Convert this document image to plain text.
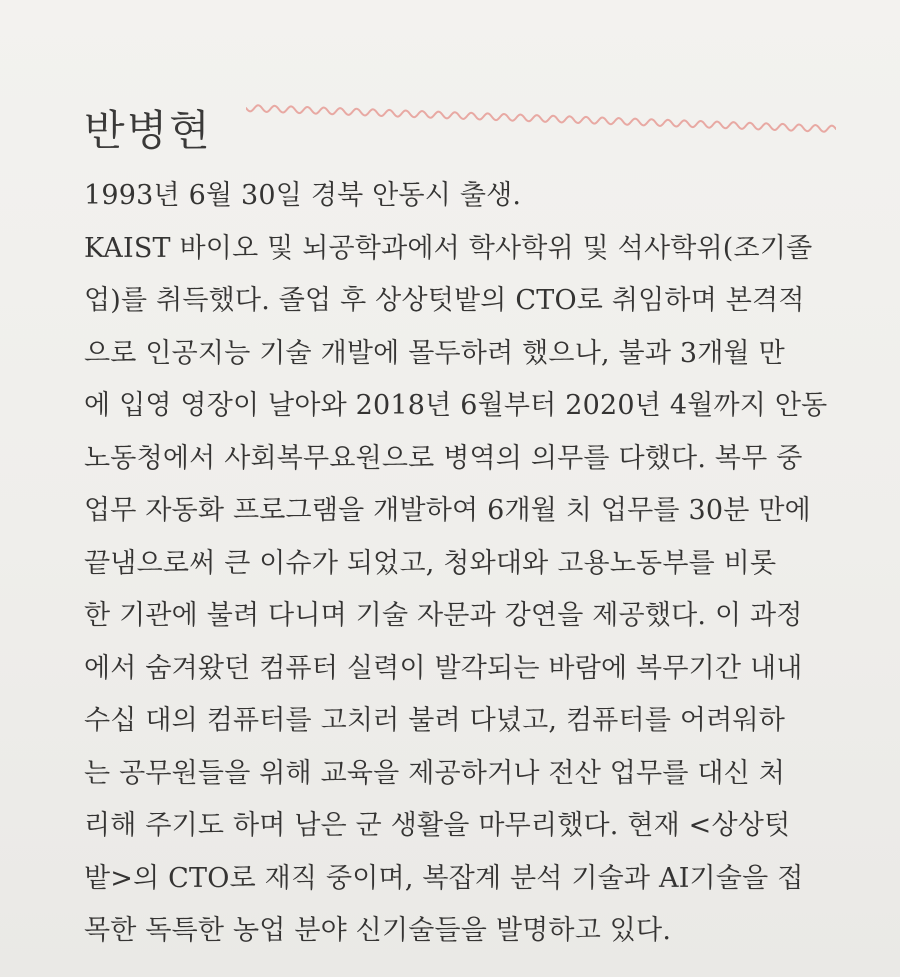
반병현
1993년 6월 30일 경북 안동시 출생.
KAIST 바이오 및 뇌공학과에서 학사학위 및 석사학위(조기졸
업)를 취득했다. 졸업 후 상상텃밭의 CTO로 취임하며 본격적
으로 인공지능 기술 개발에 몰두하려 했으나, 불과 3개월 만
에 입영 영장이 날아와 2018년 6월부터 2020년 4월까지 안동
노동청에서 사회복무요원으로 병역의 의무를 다했다. 복무 중
업무 자동화 프로그램을 개발하여 6개월 치 업무를 30분 만에
끝냄으로써 큰 이슈가 되었고, 청와대와 고용노동부를 비롯
한 기관에 불려 다니며 기술 자문과 강연을 제공했다. 이 과정
에서 숨겨왔던 컴퓨터 실력이 발각되는 바람에 복무기간 내내
수십 대의 컴퓨터를 고치러 불려 다녔고, 컴퓨터를 어려워하
는 공무원들을 위해 교육을 제공하거나 전산 업무를 대신 처
리해 주기도 하며 남은 군 생활을 마무리했다. 현재 <상상텃
밭>의 CTO로 재직 중이며, 복잡계 분석 기술과 AI기술을 접
목한 독특한 농업 분야 신기술들을 발명하고 있다.
